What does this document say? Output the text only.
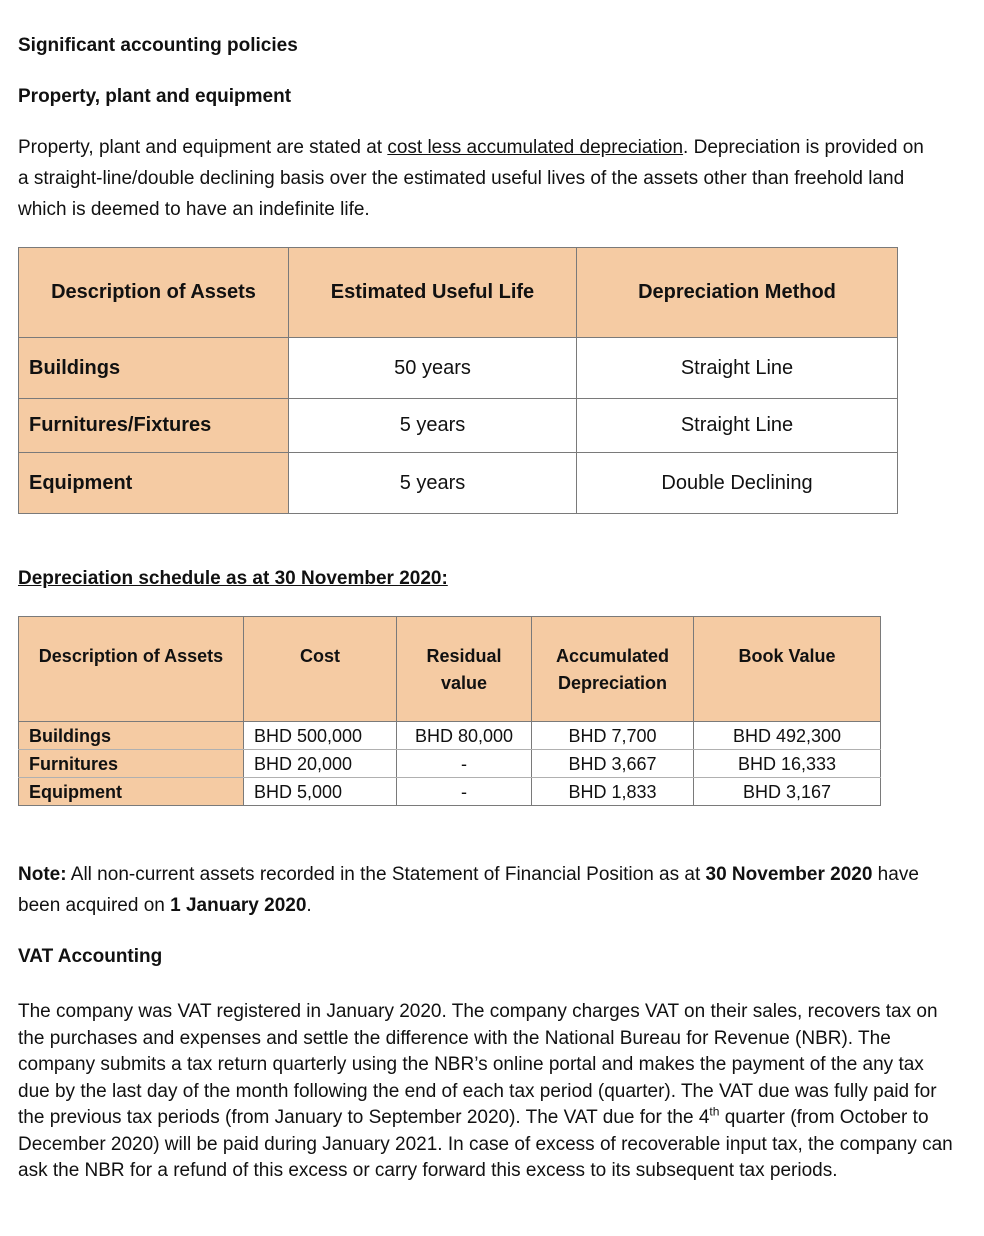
Significant accounting policies
Property, plant and equipment
Property, plant and equipment are stated at cost less accumulated depreciation. Depreciation is provided on a straight-line/double declining basis over the estimated useful lives of the assets other than freehold land which is deemed to have an indefinite life.
Description of Assets	Estimated Useful Life	Depreciation Method
Buildings	50 years	Straight Line
Furnitures/Fixtures	5 years	Straight Line
Equipment	5 years	Double Declining
Depreciation schedule as at 30 November 2020:
Description of Assets	Cost	Residual value	Accumulated Depreciation	Book Value
Buildings	BHD 500,000	BHD 80,000	BHD 7,700	BHD 492,300
Furnitures	BHD 20,000	-	BHD 3,667	BHD 16,333
Equipment	BHD 5,000	-	BHD 1,833	BHD 3,167
Note: All non-current assets recorded in the Statement of Financial Position as at 30 November 2020 have been acquired on 1 January 2020.
VAT Accounting
The company was VAT registered in January 2020. The company charges VAT on their sales, recovers tax on the purchases and expenses and settle the difference with the National Bureau for Revenue (NBR). The company submits a tax return quarterly using the NBR’s online portal and makes the payment of the any tax due by the last day of the month following the end of each tax period (quarter). The VAT due was fully paid for the previous tax periods (from January to September 2020). The VAT due for the 4th quarter (from October to December 2020) will be paid during January 2021. In case of excess of recoverable input tax, the company can ask the NBR for a refund of this excess or carry forward this excess to its subsequent tax periods.
